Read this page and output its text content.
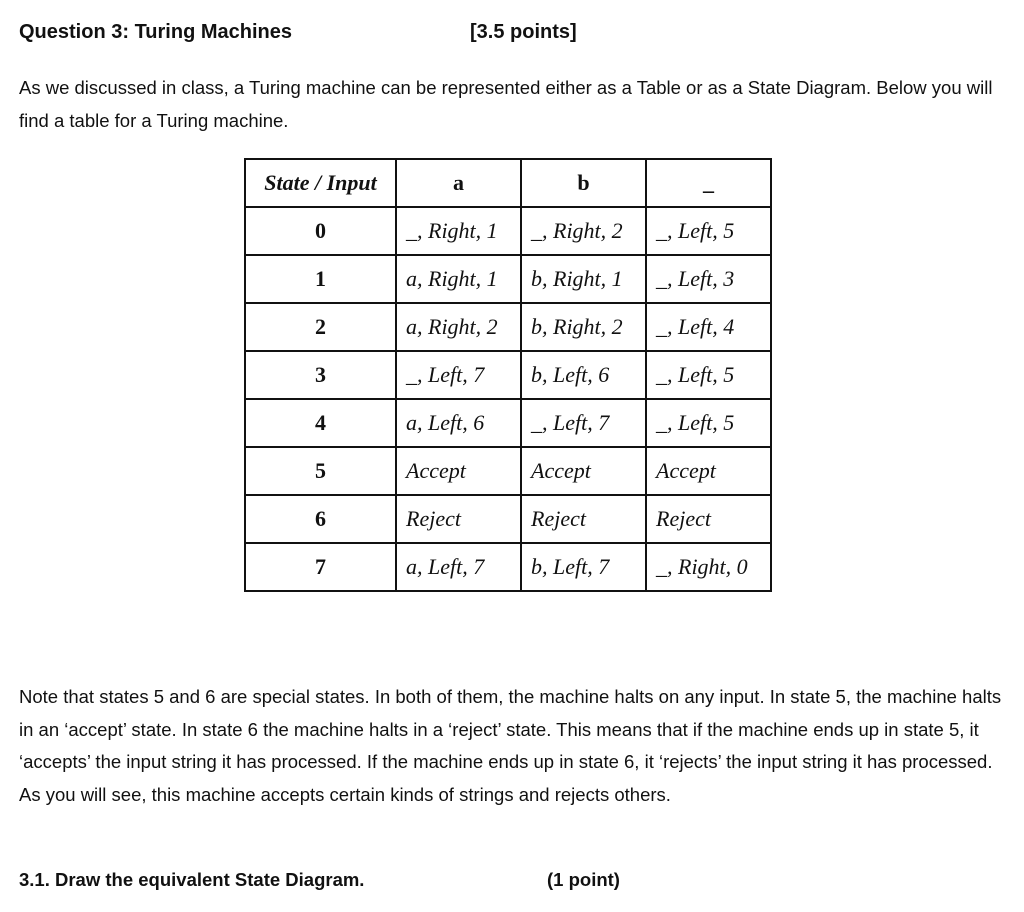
Question 3: Turing Machines	[3.5 points]

As we discussed in class, a Turing machine can be represented either as a Table or as a State Diagram. Below you will find a table for a Turing machine.

State / Input	a	b	_
0	_, Right, 1	_, Right, 2	_, Left, 5
1	a, Right, 1	b, Right, 1	_, Left, 3
2	a, Right, 2	b, Right, 2	_, Left, 4
3	_, Left, 7	b, Left, 6	_, Left, 5
4	a, Left, 6	_, Left, 7	_, Left, 5
5	Accept	Accept	Accept
6	Reject	Reject	Reject
7	a, Left, 7	b, Left, 7	_, Right, 0

Note that states 5 and 6 are special states. In both of them, the machine halts on any input. In state 5, the machine halts in an ‘accept’ state. In state 6 the machine halts in a ‘reject’ state. This means that if the machine ends up in state 5, it ‘accepts’ the input string it has processed. If the machine ends up in state 6, it ‘rejects’ the input string it has processed. As you will see, this machine accepts certain kinds of strings and rejects others.

3.1. Draw the equivalent State Diagram.	(1 point)
